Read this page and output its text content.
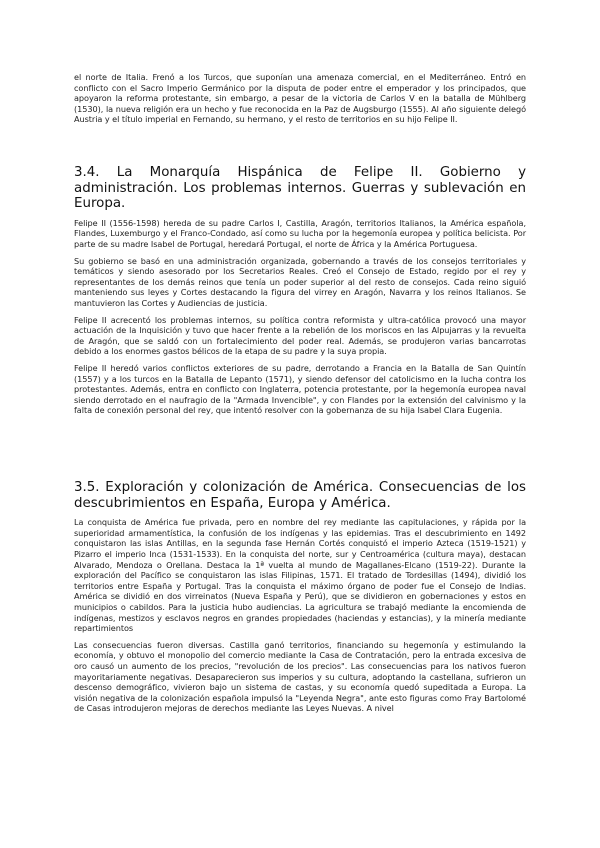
el norte de Italia. Frenó a los Turcos, que suponían una amenaza comercial, en el Mediterráneo. Entró en conflicto con el Sacro Imperio Germánico por la disputa de poder entre el emperador y los principados, que apoyaron la reforma protestante, sin embargo, a pesar de la victoria de Carlos V en la batalla de Mühlberg (1530), la nueva religión era un hecho y fue reconocida en la Paz de Augsburgo (1555). Al año siguiente delegó Austria y el título imperial en Fernando, su hermano, y el resto de territorios en su hijo Felipe II.

3.4. La Monarquía Hispánica de Felipe II. Gobierno y administración. Los problemas internos. Guerras y sublevación en Europa.

Felipe II (1556-1598) hereda de su padre Carlos I, Castilla, Aragón, territorios Italianos, la América española, Flandes, Luxemburgo y el Franco-Condado, así como su lucha por la hegemonía europea y política belicista. Por parte de su madre Isabel de Portugal, heredará Portugal, el norte de África y la América Portuguesa.

Su gobierno se basó en una administración organizada, gobernando a través de los consejos territoriales y temáticos y siendo asesorado por los Secretarios Reales. Creó el Consejo de Estado, regido por el rey y representantes de los demás reinos que tenía un poder superior al del resto de consejos. Cada reino siguió manteniendo sus leyes y Cortes destacando la figura del virrey en Aragón, Navarra y los reinos Italianos. Se mantuvieron las Cortes y Audiencias de justicia.

Felipe II acrecentó los problemas internos, su política contra reformista y ultra-católica provocó una mayor actuación de la Inquisición y tuvo que hacer frente a la rebelión de los moriscos en las Alpujarras y la revuelta de Aragón, que se saldó con un fortalecimiento del poder real. Además, se produjeron varias bancarrotas debido a los enormes gastos bélicos de la etapa de su padre y la suya propia.

Felipe II heredó varios conflictos exteriores de su padre, derrotando a Francia en la Batalla de San Quintín (1557) y a los turcos en la Batalla de Lepanto (1571), y siendo defensor del catolicismo en la lucha contra los protestantes. Además, entra en conflicto con Inglaterra, potencia protestante, por la hegemonía europea naval siendo derrotado en el naufragio de la "Armada Invencible", y con Flandes por la extensión del calvinismo y la falta de conexión personal del rey, que intentó resolver con la gobernanza de su hija Isabel Clara Eugenia.

3.5. Exploración y colonización de América. Consecuencias de los descubrimientos en España, Europa y América.

La conquista de América fue privada, pero en nombre del rey mediante las capitulaciones, y rápida por la superioridad armamentística, la confusión de los indígenas y las epidemias. Tras el descubrimiento en 1492 conquistaron las islas Antillas, en la segunda fase Hernán Cortés conquistó el imperio Azteca (1519-1521) y Pizarro el imperio Inca (1531-1533). En la conquista del norte, sur y Centroamérica (cultura maya), destacan Alvarado, Mendoza o Orellana. Destaca la 1ª vuelta al mundo de Magallanes-Elcano (1519-22). Durante la exploración del Pacífico se conquistaron las islas Filipinas, 1571. El tratado de Tordesillas (1494), dividió los territorios entre España y Portugal. Tras la conquista el máximo órgano de poder fue el Consejo de Indias. América se dividió en dos virreinatos (Nueva España y Perú), que se dividieron en gobernaciones y estos en municipios o cabildos. Para la justicia hubo audiencias. La agricultura se trabajó mediante la encomienda de indígenas, mestizos y esclavos negros en grandes propiedades (haciendas y estancias), y la minería mediante repartimientos

Las consecuencias fueron diversas. Castilla ganó territorios, financiando su hegemonía y estimulando la economía, y obtuvo el monopolio del comercio mediante la Casa de Contratación, pero la entrada excesiva de oro causó un aumento de los precios, "revolución de los precios". Las consecuencias para los nativos fueron mayoritariamente negativas. Desaparecieron sus imperios y su cultura, adoptando la castellana, sufrieron un descenso demográfico, vivieron bajo un sistema de castas, y su economía quedó supeditada a Europa. La visión negativa de la colonización española impulsó la "Leyenda Negra", ante esto figuras como Fray Bartolomé de Casas introdujeron mejoras de derechos mediante las Leyes Nuevas. A nivel
